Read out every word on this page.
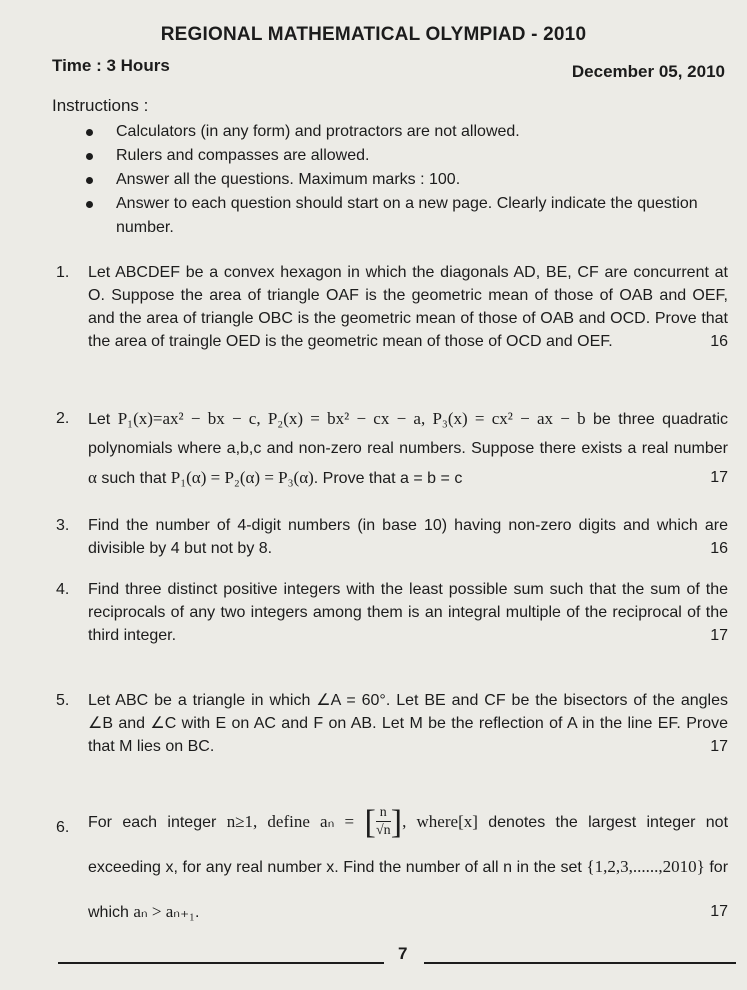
REGIONAL MATHEMATICAL OLYMPIAD - 2010
Time : 3 Hours	December 05, 2010
Instructions :
Calculators (in any form) and protractors are not allowed.
Rulers and compasses are allowed.
Answer all the questions. Maximum marks : 100.
Answer to each question should start on a new page. Clearly indicate the question number.
1.	Let ABCDEF be a convex hexagon in which the diagonals AD, BE, CF are concurrent at O. Suppose the area of triangle OAF is the geometric mean of those of OAB and OEF, and the area of triangle OBC is the geometric mean of those of OAB and OCD. Prove that the area of traingle OED is the geometric mean of those of OCD and OEF.	16
2.	Let P₁(x)=ax² − bx − c, P₂(x) = bx² − cx − a, P₃(x) = cx² − ax − b be three quadratic polynomials where a,b,c and non-zero real numbers. Suppose there exists a real number α such that P₁(α) = P₂(α) = P₃(α). Prove that a = b = c	17
3.	Find the number of 4-digit numbers (in base 10) having non-zero digits and which are divisible by 4 but not by 8.	16
4.	Find three distinct positive integers with the least possible sum such that the sum of the reciprocals of any two integers among them is an integral multiple of the reciprocal of the third integer.	17
5.	Let ABC be a triangle in which ∠A = 60°. Let BE and CF be the bisectors of the angles ∠B and ∠C with E on AC and F on AB. Let M be the reflection of A in the line EF. Prove that M lies on BC.	17
6.	For each integer n≥1, define aₙ = [ $\frac{n}{√n}$ ], where[x] denotes the largest integer not exceeding x, for any real number x. Find the number of all n in the set {1,2,3,......,2010} for which aₙ > aₙ₊₁.	17
7
